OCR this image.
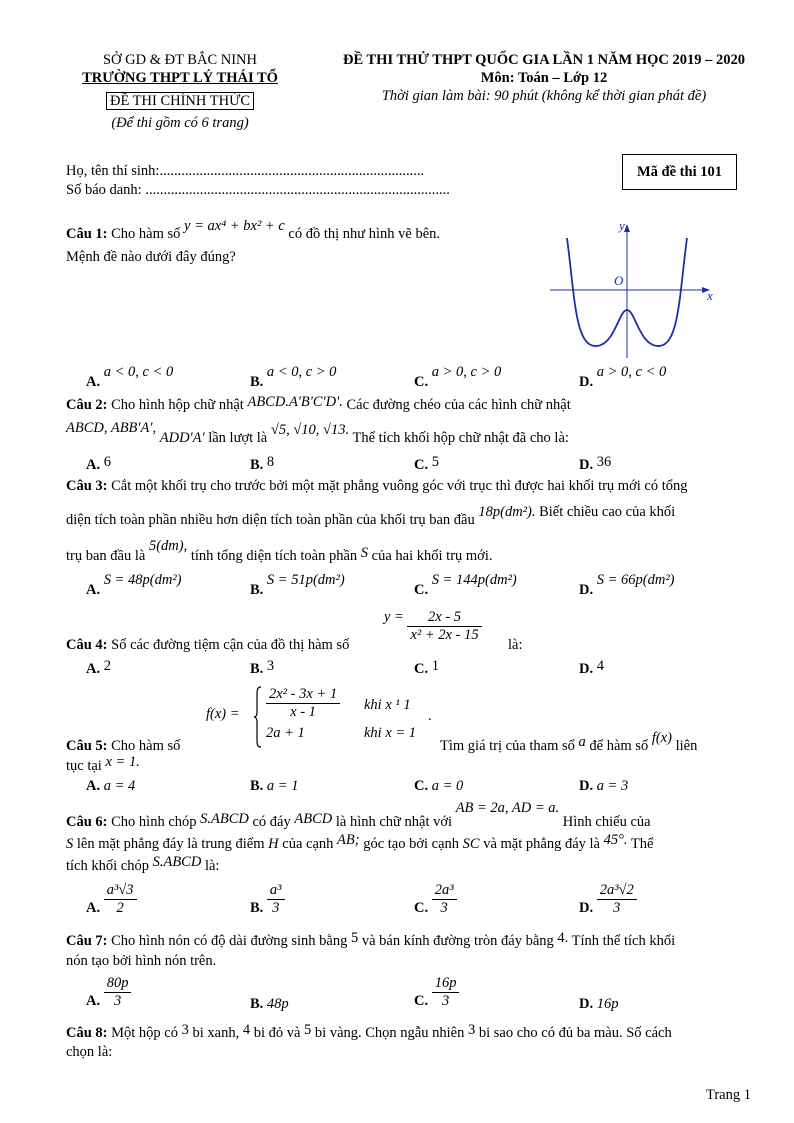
SỞ GD & ĐT BẮC NINH
TRƯỜNG THPT LÝ THÁI TỔ
ĐỀ THI CHÍNH THỨC
(Để thi gồm có 6 trang)
ĐỀ THI THỬ THPT QUỐC GIA LẦN 1 NĂM HỌC 2019 – 2020
Môn: Toán – Lớp 12
Thời gian làm bài: 90 phút (không kể thời gian phát đề)
Họ, tên thí sinh:.........................................................................
Số báo danh: ....................................................................................
Mã đề thi 101
x
y
O
Câu 1: Cho hàm số y = ax⁴ + bx² + c có đồ thị như hình vẽ bên.
Mệnh đề nào dưới đây đúng?
A. a < 0, c < 0
B. a < 0, c > 0
C. a > 0, c > 0
D. a > 0, c < 0
Câu 2: Cho hình hộp chữ nhật ABCD.A'B'C'D'. Các đường chéo của các hình chữ nhật
ABCD, ABB'A', ADD'A' lần lượt là √5, √10, √13. Thể tích khối hộp chữ nhật đã cho là:
A. 6	B. 8	C. 5	D. 36
Câu 3: Cắt một khối trụ cho trước bởi một mặt phẳng vuông góc với trục thì được hai khối trụ mới có tổng
diện tích toàn phần nhiều hơn diện tích toàn phần của khối trụ ban đầu 18p(dm²). Biết chiều cao của khối
trụ ban đầu là 5(dm), tính tổng diện tích toàn phần S của hai khối trụ mới.
A. S = 48p(dm²)
B. S = 51p(dm²)
C. S = 144p(dm²)
D. S = 66p(dm²)
Câu 4: Số các đường tiệm cận của đồ thị hàm số
$y = \frac{2x - 5}{\text{x² + 2x - 15}}$
là:
A. 2	B. 3	C. 1	D. 4
$f(x) = \frac{\text{2x² - 3x + 1}}{x - 1}$ khi x ¹ 1
.
2a + 1	khi x = 1
Câu 5: Cho hàm số	Tìm giá trị của tham số a để hàm số f(x) liên
tục tại x = 1.
A. a = 4	B. a = 1	C. a = 0	D. a = 3
Câu 6: Cho hình chóp S.ABCD có đáy ABCD là hình chữ nhật với AB = 2a, AD = a. Hình chiếu của
S lên mặt phẳng đáy là trung điểm H của cạnh AB; góc tạo bởi cạnh SC và mặt phẳng đáy là 45°. Thể
tích khối chóp S.ABCD là:
A. $\frac{\text{a³√3}}{2}$	B. $\frac{\text{a³}}{3}$	C. $\frac{\text{2a³}}{3}$	D. $\frac{\text{2a³√2}}{3}$
Câu 7: Cho hình nón có độ dài đường sinh bằng 5 và bán kính đường tròn đáy bằng 4. Tính thể tích khối
nón tạo bởi hình nón trên.
A. $\frac{80p}{3}$	B. 48p	C. $\frac{16p}{3}$	D. 16p
Câu 8: Một hộp có 3 bi xanh, 4 bi đỏ và 5 bi vàng. Chọn ngẫu nhiên 3 bi sao cho có đủ ba màu. Số cách
chọn là:
Trang 1
